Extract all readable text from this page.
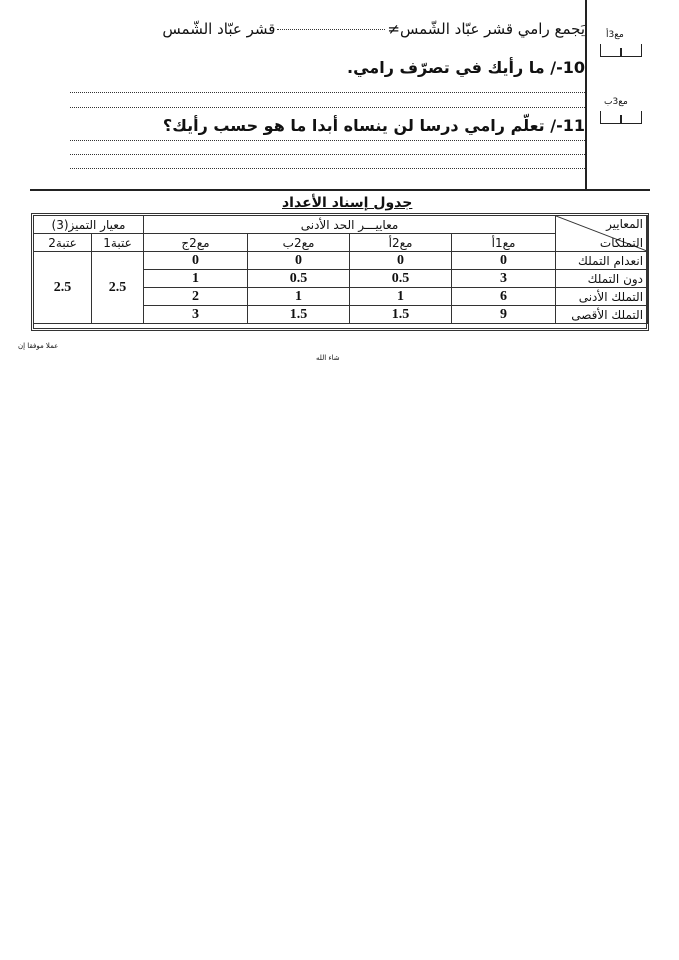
يَجمع رامي قشر عبّاد الشّمس≠قشر عبّاد الشّمس
10-/ ما رأيك في تصرّف رامي.
11-/ تعلّم رامي درسا لن ينساه أبدا ما هو حسب رأيك؟
مع3أ
مع3ب
جدول إسناد الأعداد
المعايير
التملكات	معاييـــر الحد الأدنى				معيار التميز(3)	
	مع1أ	مع2أ	مع2ب	مع2ج	عتبة1	عتبة2
انعدام التملك	0	0	0	0	2.5	2.5
دون التملك	3	0.5	0.5	1		
التملك الأدنى	6	1	1	2		
التملك الأقصى	9	1.5	1.5	3		
عملا موفقا إن
شاء الله
